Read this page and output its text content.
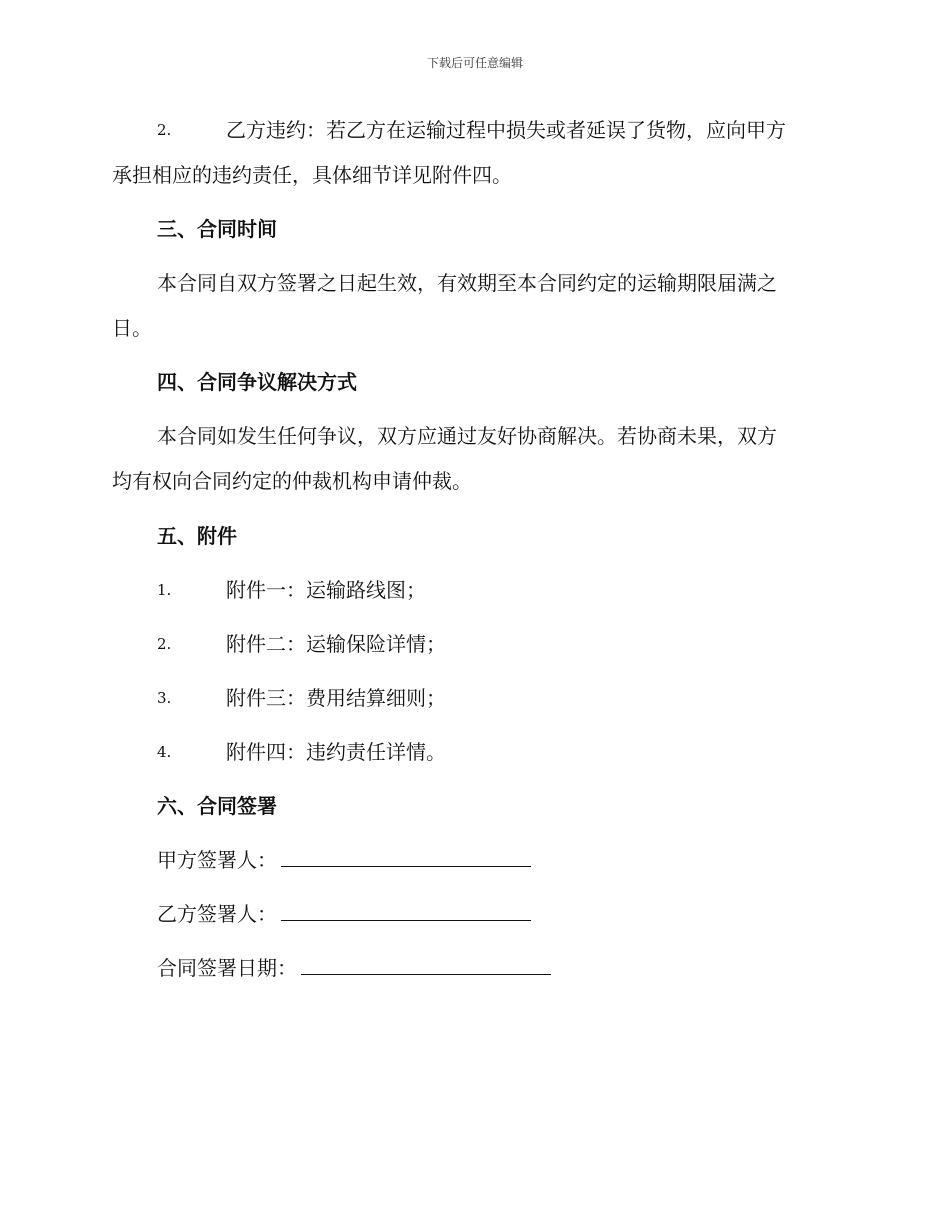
下载后可任意编辑
2.	乙方违约：若乙方在运输过程中损失或者延误了货物，应向甲方
承担相应的违约责任，具体细节详见附件四。
三、合同时间
本合同自双方签署之日起生效，有效期至本合同约定的运输期限届满之
日。
四、合同争议解决方式
本合同如发生任何争议，双方应通过友好协商解决。若协商未果，双方
均有权向合同约定的仲裁机构申请仲裁。
五、附件
1.	附件一：运输路线图；
2.	附件二：运输保险详情；
3.	附件三：费用结算细则；
4.	附件四：违约责任详情。
六、合同签署
甲方签署人：
乙方签署人：
合同签署日期：
